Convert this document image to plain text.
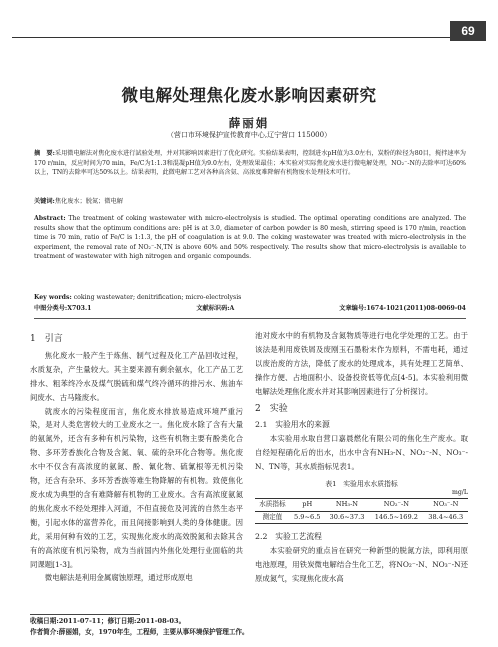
69
微电解处理焦化废水影响因素研究
薛丽娟
（营口市环境保护宣传教育中心,辽宁营口 115000）
摘　要:采用微电解法对焦化废水进行試验处理，并对其影响因素进行了优化研究。实验结果表明，控制进水pH值为3.0左右，炭粉的粒径为80目，搅拌速率为170 r/min，反应时间为70 min，Fe/C为1:1.3和混凝pH值为9.0左右，处理效果最佳；本实验对实际焦化废水进行微电解处理，NO₂⁻-N的去除率可达60%以上，TN的去除率可达50%以上。结果表明，此微电解工艺对各种高含氨、高浓度难降解有机物废水处理技术可行。
关键词:焦化废水；脱氮；微电解
Abstract: The treatment of coking wastewater with micro-electrolysis is studied. The optimal operating conditions are analyzed. The results show that the optimum conditions are: pH is at 3.0, diameter of carbon powder is 80 mesh, stirring speed is 170 r/min, reaction time is 70 min, ratio of Fe/C is 1:1.3, the pH of coagulation is at 9.0. The coking wastewater was treated with micro-electrolysis in the experiment, the removal rate of NO₂⁻-N,TN is above 60% and 50% respectively. The results show that micro-electrolysis is available to treatment of wastewater with high nitrogen and organic compounds.
Key words: coking wastewater; denitrification; micro-electrolysis
中图分类号:X703.1	文献标识码:A	文章编号:1674-1021(2011)08-0069-04
1　引言

焦化废水一般产生于炼焦、制气过程及化工产品回收过程，水质复杂，产生量较大。其主要来源有剩余氨水，化工产品工艺排水、粗苯终冷水及煤气脱硫和煤气终冷循环的排污水、焦油车间废水、古马隆废水。

就废水的污染程度而言，焦化废水排放易造成环境严重污染，是对人类危害较大的工业废水之一。焦化废水除了含有大量的氨氮外，还含有多种有机污染物，这些有机物主要有酚类化合物、多环芳香族化合物及含氮、氧、硫的杂环化合物等。焦化废水中不仅含有高浓度的氨氮、酚、氰化物、硫氰根等无机污染物，还含有杂环、多环芳香族等难生物降解的有机物。致使焦化废水成为典型的含有难降解有机物的工业废水。含有高浓度氨氮的焦化废水不经处理排入河道，不但直接危及河流的自然生态平衡，引起水体的富营养化，而且间接影响到人类的身体健康。因此，采用何种有效的工艺，实现焦化废水的高效脱氮和去除其含有的高浓度有机污染物，成为当前国内外焦化处理行业面临的共同课题[1-3]。

微电解法是利用金属腐蚀原理，通过形成原电

池对废水中的有机物及含氮物质等进行电化学处理的工艺。由于该法是利用废铁屑及废刚玉石墨粉末作为原料，不需电耗，通过以废治废的方法，降低了废水的处理成本，具有处理工艺简单、操作方便、占地面积小、设备投资低等优点[4-5]。本实验利用微电解法处理焦化废水并对其影响因素进行了分析探讨。

2　实验
2.1　实验用水的来源

本实验用水取自营口嘉晨燃化有限公司的焦化生产废水。取自经短程硝化后的出水，出水中含有NH₃-N、NO₂⁻-N、NO₃⁻-N、TN等，其水质指标见表1。

表1　实验用水水质指标
mg/L
水质指标	pH	NH₃-N	NO₂⁻-N	NO₃⁻-N
测定值	5.9~6.5	30.6~37.3	146.5~169.2	38.4~46.3
2.2　实验工艺流程

本实验研究的重点旨在研究一种新型的脱氮方法，即利用原电池原理，用铁炭微电解结合生化工艺，将NO₂⁻-N、NO₃⁻-N还原成氮气，实现焦化废水高

收稿日期:2011-07-11；修订日期:2011-08-03。
作者简介:薛丽娟，女，1970年生，工程师，主要从事环境保护管理工作。
